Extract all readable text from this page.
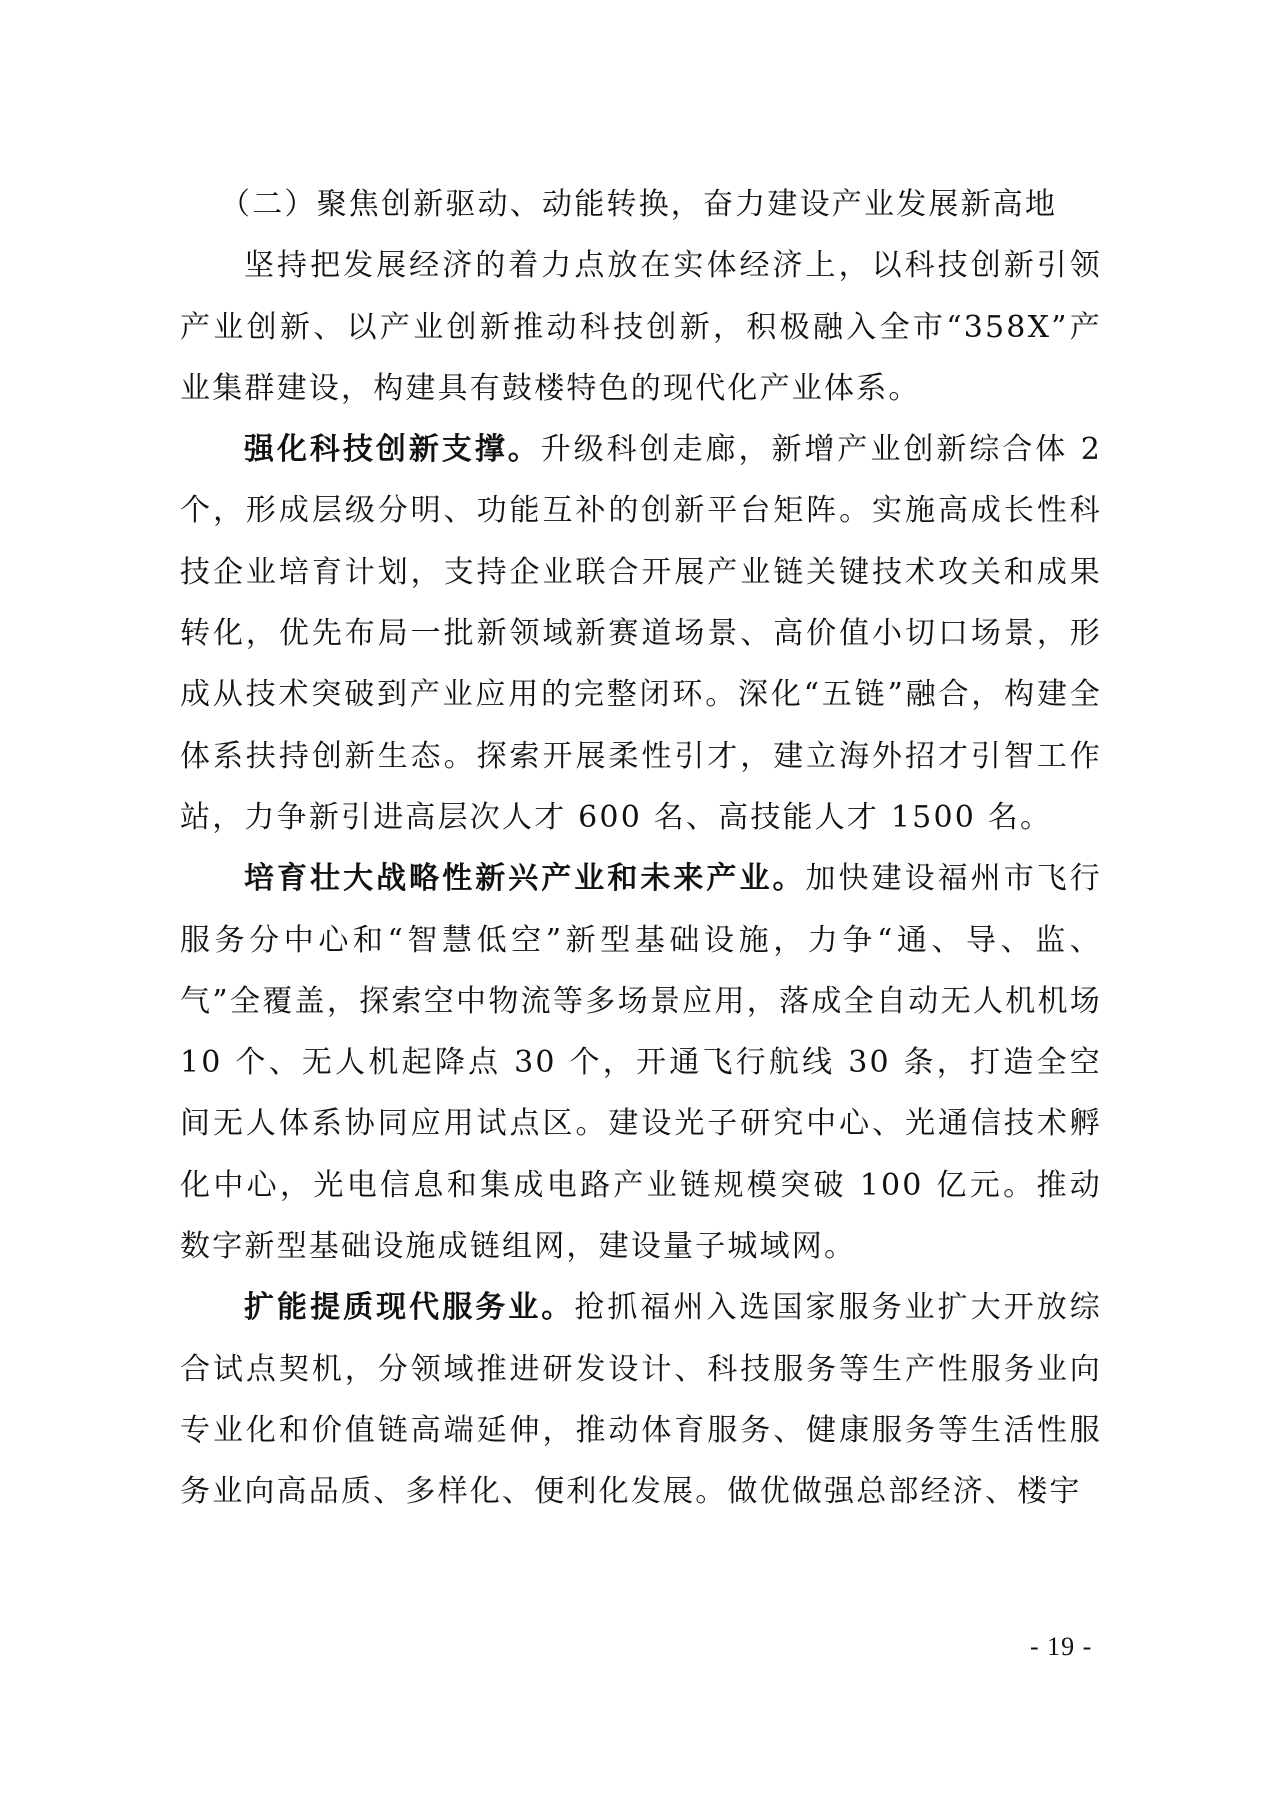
（二）聚焦创新驱动、动能转换，奋力建设产业发展新高地

坚持把发展经济的着力点放在实体经济上，以科技创新引领产业创新、以产业创新推动科技创新，积极融入全市“358X”产业集群建设，构建具有鼓楼特色的现代化产业体系。

强化科技创新支撑。升级科创走廊，新增产业创新综合体 2 个，形成层级分明、功能互补的创新平台矩阵。实施高成长性科技企业培育计划，支持企业联合开展产业链关键技术攻关和成果转化，优先布局一批新领域新赛道场景、高价值小切口场景，形成从技术突破到产业应用的完整闭环。深化“五链”融合，构建全体系扶持创新生态。探索开展柔性引才，建立海外招才引智工作站，力争新引进高层次人才 600 名、高技能人才 1500 名。

培育壮大战略性新兴产业和未来产业。加快建设福州市飞行服务分中心和“智慧低空”新型基础设施，力争“通、导、监、气”全覆盖，探索空中物流等多场景应用，落成全自动无人机机场 10 个、无人机起降点 30 个，开通飞行航线 30 条，打造全空间无人体系协同应用试点区。建设光子研究中心、光通信技术孵化中心，光电信息和集成电路产业链规模突破 100 亿元。推动数字新型基础设施成链组网，建设量子城域网。

扩能提质现代服务业。抢抓福州入选国家服务业扩大开放综合试点契机，分领域推进研发设计、科技服务等生产性服务业向专业化和价值链高端延伸，推动体育服务、健康服务等生活性服务业向高品质、多样化、便利化发展。做优做强总部经济、楼宇

- 19 -
